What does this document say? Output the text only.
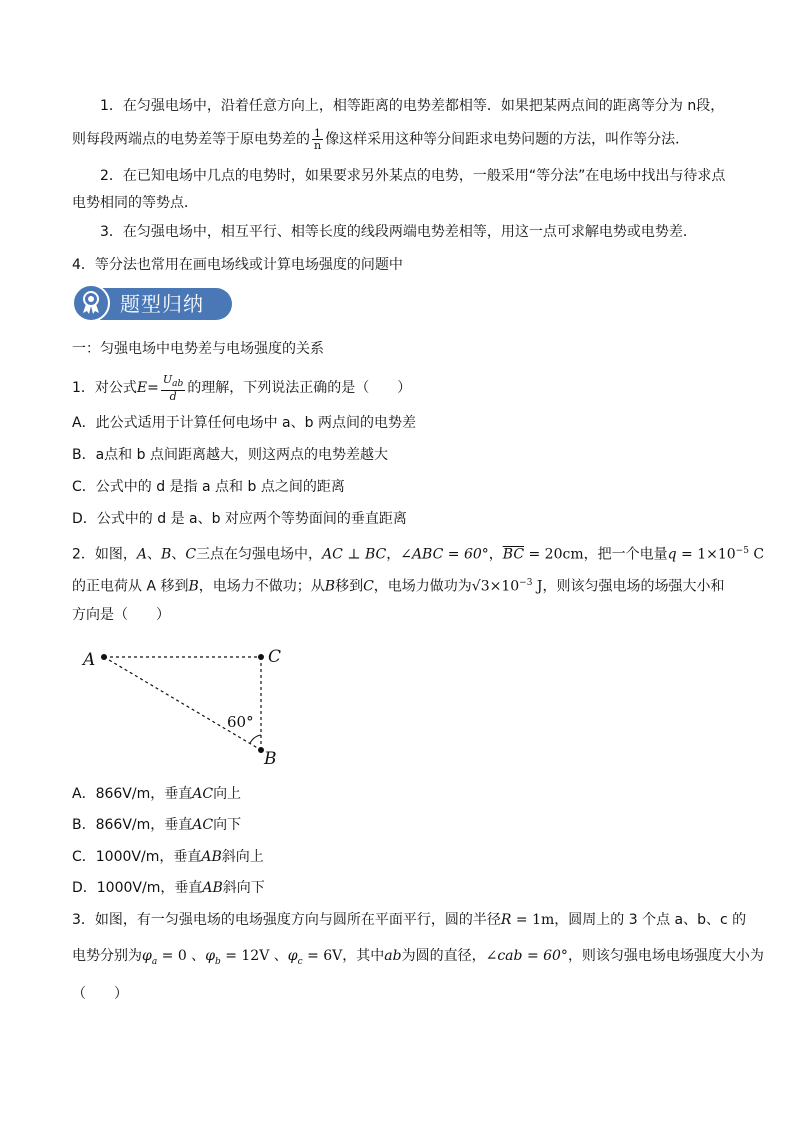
1．在匀强电场中，沿着任意方向上，相等距离的电势差都相等．如果把某两点间的距离等分为 n段，
则每段两端点的电势差等于原电势差的 $\frac{1}{n}$ 像这样采用这种等分间距求电势问题的方法，叫作等分法．
2．在已知电场中几点的电势时，如果要求另外某点的电势，一般采用“等分法”在电场中找出与待求点
电势相同的等势点．
3．在匀强电场中，相互平行、相等长度的线段两端电势差相等，用这一点可求解电势或电势差．
4．等分法也常用在画电场线或计算电场强度的问题中
题型归纳
一：匀强电场中电势差与电场强度的关系
1．对公式$E= \frac{U_{ab}}{d}$ 的理解，下列说法正确的是（　　）
A．此公式适用于计算任何电场中 a、b 两点间的电势差
B．a点和 b 点间距离越大，则这两点的电势差越大
C．公式中的 d 是指 a 点和 b 点之间的距离
D．公式中的 d 是 a、b 对应两个等势面间的垂直距离
2．如图，A、B、C三点在匀强电场中，AC ⊥ BC，∠ABC = 60°，$\overline{BC} = 20cm$，把一个电量$q = 1\times 10^{-5}$ C
的正电荷从 A 移到B，电场力不做功；从B移到C，电场力做功为$√3\times 10^{-3}$ J，则该匀强电场的场强大小和
方向是（　　）
A	C
B
60°
A．866V/m，垂直AC向上
B．866V/m，垂直AC向下
C．1000V/m，垂直AB斜向上
D．1000V/m，垂直AB斜向下
3．如图，有一匀强电场的电场强度方向与圆所在平面平行，圆的半径R = 1m，圆周上的 3 个点 a、b、c 的
电势分别为$\varphi_a = 0$ 、$\varphi_b = 12V$ 、$\varphi_c = 6V$，其中ab为圆的直径，∠cab = 60°，则该匀强电场电场强度大小为
（　　）
